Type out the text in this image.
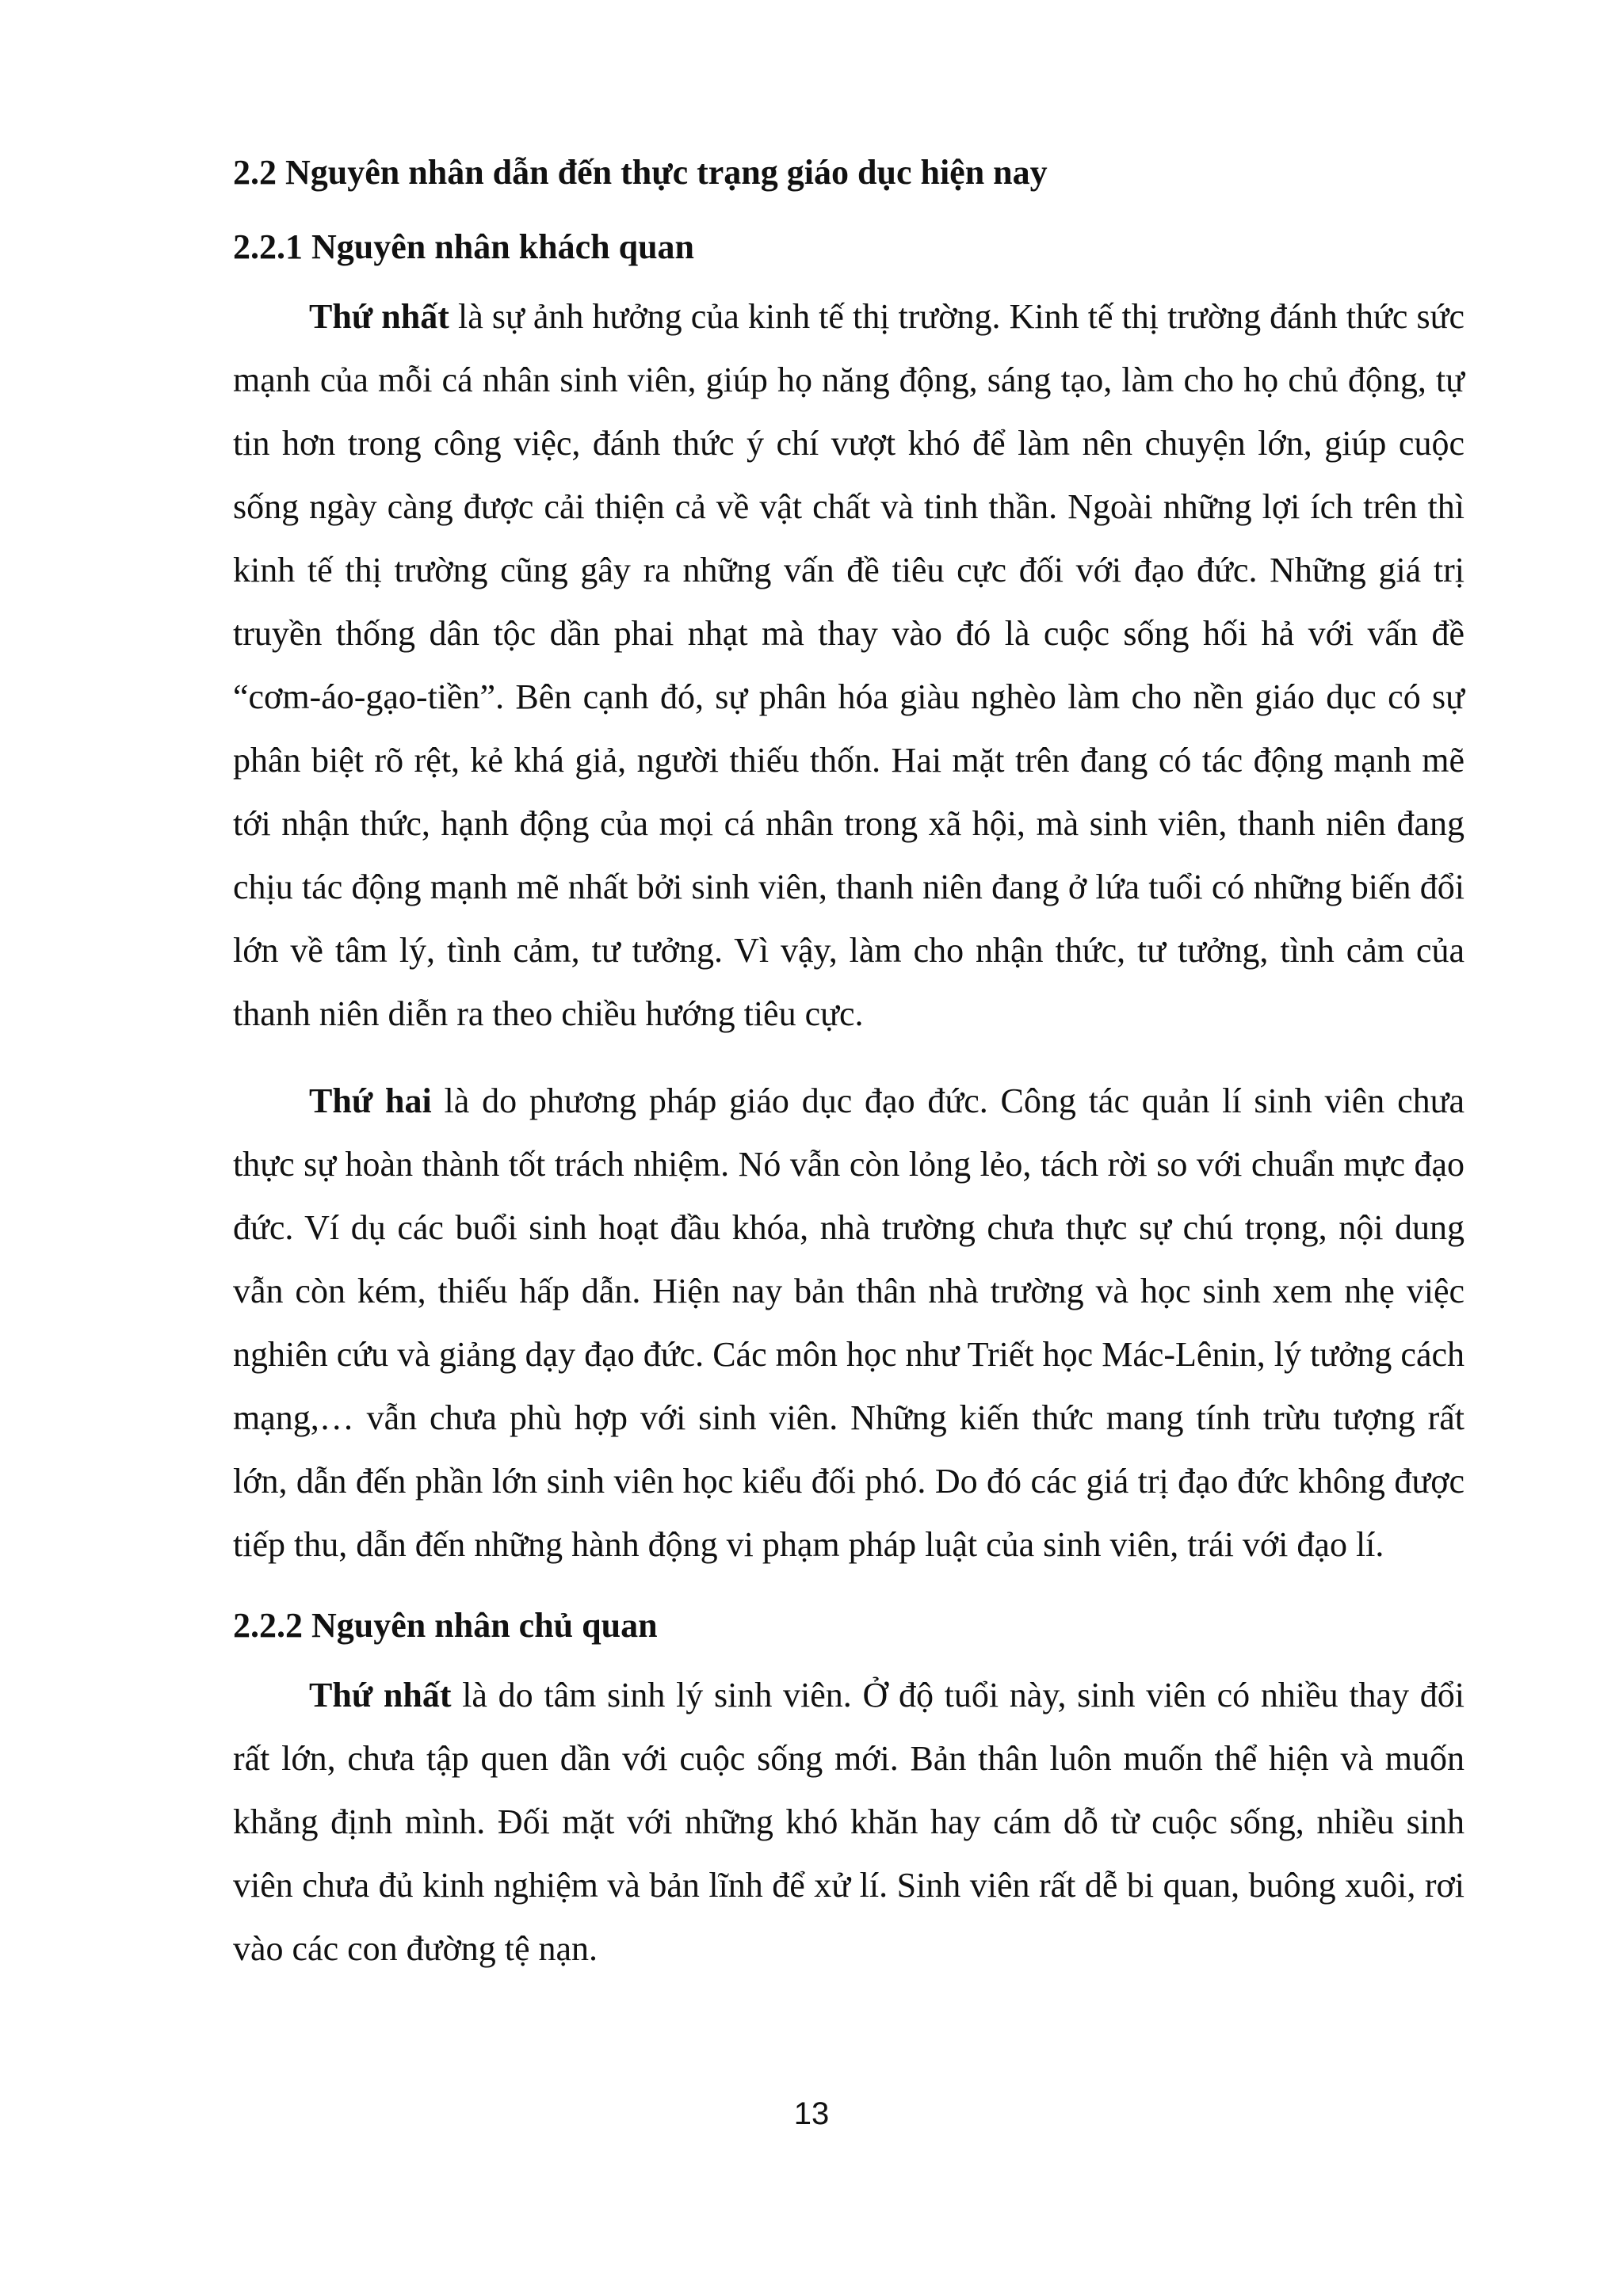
2.2 Nguyên nhân dẫn đến thực trạng giáo dục hiện nay
2.2.1 Nguyên nhân khách quan

Thứ nhất là sự ảnh hưởng của kinh tế thị trường. Kinh tế thị trường đánh thức sức mạnh của mỗi cá nhân sinh viên, giúp họ năng động, sáng tạo, làm cho họ chủ động, tự tin hơn trong công việc, đánh thức ý chí vượt khó để làm nên chuyện lớn, giúp cuộc sống ngày càng được cải thiện cả về vật chất và tinh thần. Ngoài những lợi ích trên thì kinh tế thị trường cũng gây ra những vấn đề tiêu cực đối với đạo đức. Những giá trị truyền thống dân tộc dần phai nhạt mà thay vào đó là cuộc sống hối hả với vấn đề “cơm-áo-gạo-tiền”. Bên cạnh đó, sự phân hóa giàu nghèo làm cho nền giáo dục có sự phân biệt rõ rệt, kẻ khá giả, người thiếu thốn. Hai mặt trên đang có tác động mạnh mẽ tới nhận thức, hạnh động của mọi cá nhân trong xã hội, mà sinh viên, thanh niên đang chịu tác động mạnh mẽ nhất bởi sinh viên, thanh niên đang ở lứa tuổi có những biến đổi lớn về tâm lý, tình cảm, tư tưởng. Vì vậy, làm cho nhận thức, tư tưởng, tình cảm của thanh niên diễn ra theo chiều hướng tiêu cực.

Thứ hai là do phương pháp giáo dục đạo đức. Công tác quản lí sinh viên chưa thực sự hoàn thành tốt trách nhiệm. Nó vẫn còn lỏng lẻo, tách rời so với chuẩn mực đạo đức. Ví dụ các buổi sinh hoạt đầu khóa, nhà trường chưa thực sự chú trọng, nội dung vẫn còn kém, thiếu hấp dẫn. Hiện nay bản thân nhà trường và học sinh xem nhẹ việc nghiên cứu và giảng dạy đạo đức. Các môn học như Triết học Mác-Lênin, lý tưởng cách mạng,… vẫn chưa phù hợp với sinh viên. Những kiến thức mang tính trừu tượng rất lớn, dẫn đến phần lớn sinh viên học kiểu đối phó. Do đó các giá trị đạo đức không được tiếp thu, dẫn đến những hành động vi phạm pháp luật của sinh viên, trái với đạo lí.

2.2.2 Nguyên nhân chủ quan

Thứ nhất là do tâm sinh lý sinh viên. Ở độ tuổi này, sinh viên có nhiều thay đổi rất lớn, chưa tập quen dần với cuộc sống mới. Bản thân luôn muốn thể hiện và muốn khẳng định mình. Đối mặt với những khó khăn hay cám dỗ từ cuộc sống, nhiều sinh viên chưa đủ kinh nghiệm và bản lĩnh để xử lí. Sinh viên rất dễ bi quan, buông xuôi, rơi vào các con đường tệ nạn.

13
